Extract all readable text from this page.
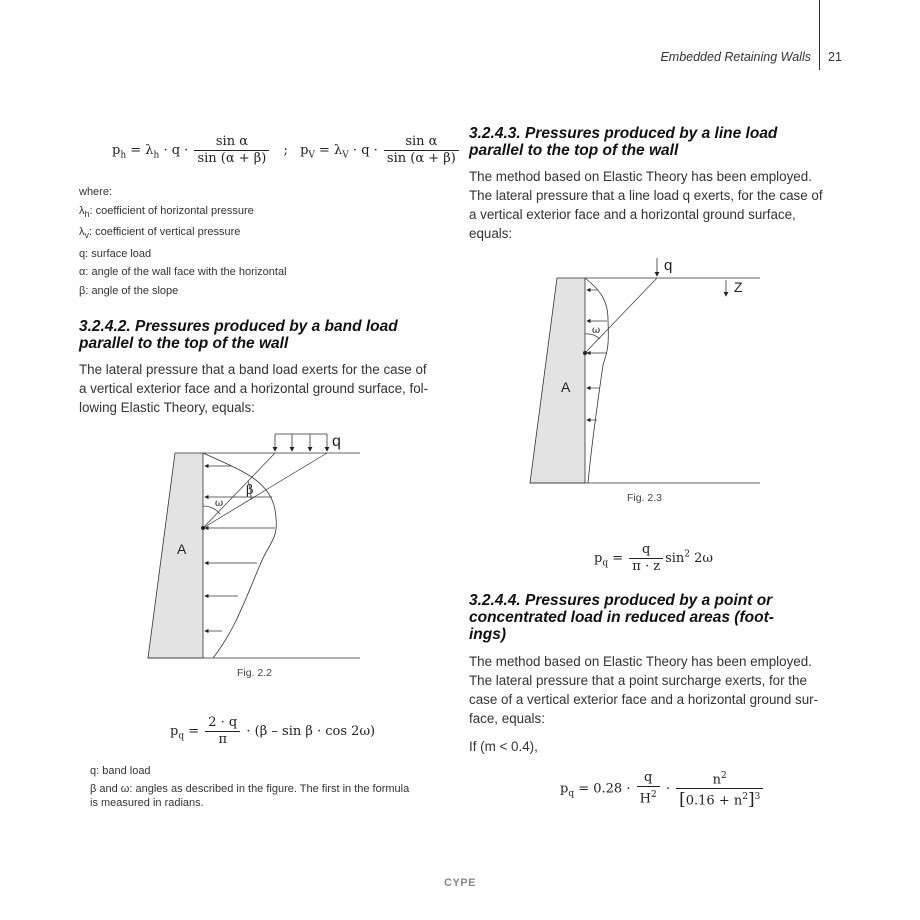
Embedded Retaining Walls 21
$p_h = \lambda_h \cdot q \cdot \frac{\text{sin α}}{\sin (\alpha + \beta)}$ ; $p_V = \lambda_V \cdot q \cdot \frac{\text{sin α}}{\sin (\alpha + \beta)}$
where:
$\lambda_h$: coefficient of horizontal pressure
$\lambda_v$: coefficient of vertical pressure
q: surface load
α: angle of the wall face with the horizontal
β: angle of the slope
3.2.4.2. Pressures produced by a band load
parallel to the top of the wall
The lateral pressure that a band load exerts for the case of
a vertical exterior face and a horizontal ground surface, fol-
lowing Elastic Theory, equals:
q
β
ω
A
Fig. 2.2
$p_q = \frac{2 \cdot q}{\pi} \cdot (\beta - \sin \beta \cdot \cos 2\omega)$
q: band load
β and ω: angles as described in the figure. The first in the formula
is measured in radians.
3.2.4.3. Pressures produced by a line load
parallel to the top of the wall
The method based on Elastic Theory has been employed.
The lateral pressure that a line load q exerts, for the case of
a vertical exterior face and a horizontal ground surface,
equals:
q
Z
ω
A
Fig. 2.3
$p_q = \frac{q}{\pi \cdot z} \sin^2 2\omega$
3.2.4.4. Pressures produced by a point or
concentrated load in reduced areas (foot-
ings)
The method based on Elastic Theory has been employed.
The lateral pressure that a point surcharge exerts, for the
case of a vertical exterior face and a horizontal ground sur-
face, equals:
If (m < 0.4),
$p_q = 0.28 \cdot \frac{q}{H^2} \cdot \frac{n^2}{[0.16 + n^2]^3}$
CYPE
